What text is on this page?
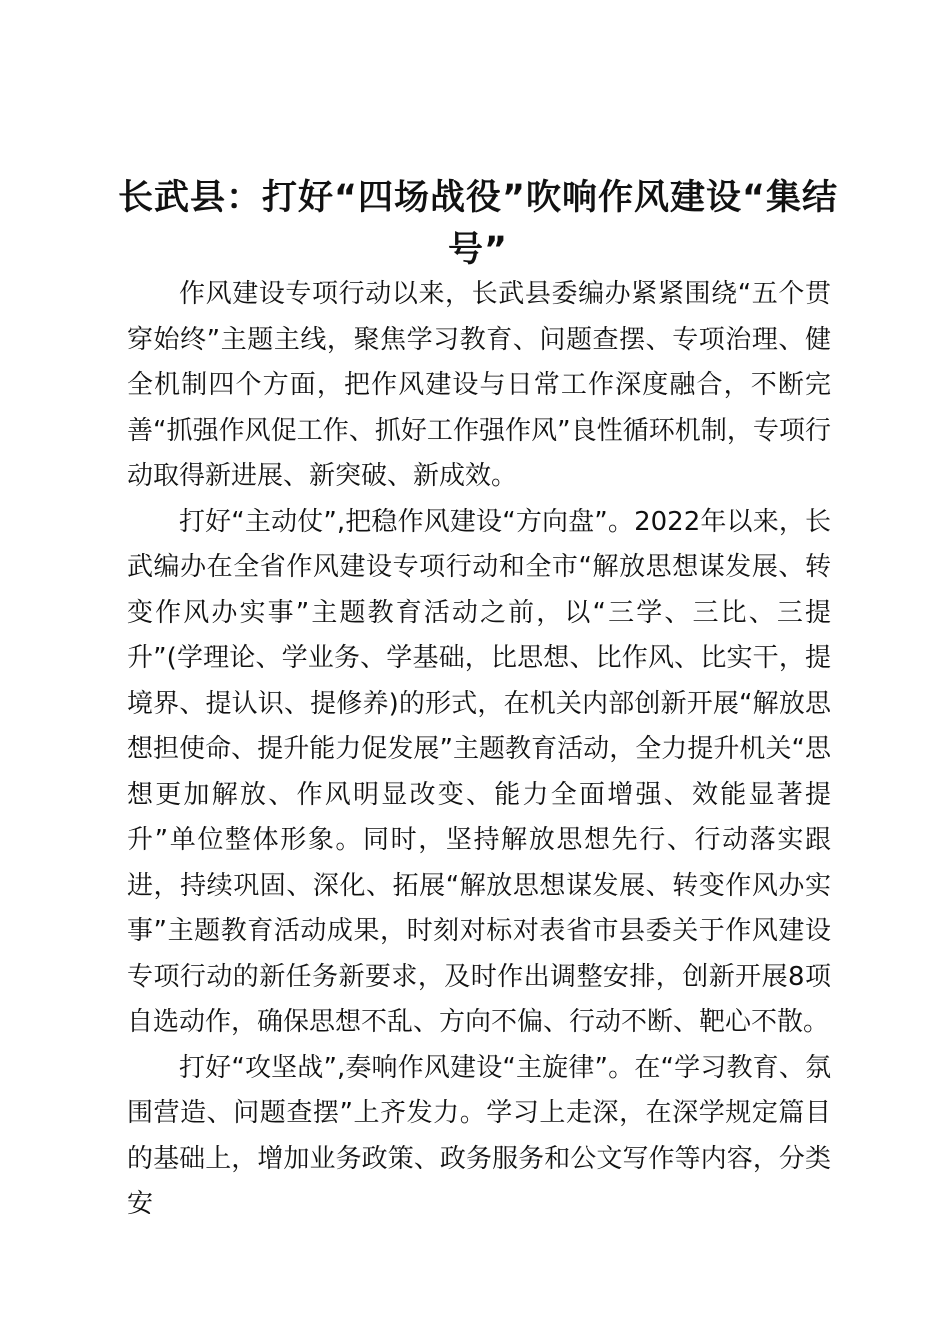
长武县：打好“四场战役”吹响作风建设“集结号”

作风建设专项行动以来，长武县委编办紧紧围绕“五个贯穿始终”主题主线，聚焦学习教育、问题查摆、专项治理、健全机制四个方面，把作风建设与日常工作深度融合，不断完善“抓强作风促工作、抓好工作强作风”良性循环机制，专项行动取得新进展、新突破、新成效。

打好“主动仗”,把稳作风建设“方向盘”。2022年以来，长武编办在全省作风建设专项行动和全市“解放思想谋发展、转变作风办实事”主题教育活动之前，以“三学、三比、三提升”(学理论、学业务、学基础，比思想、比作风、比实干，提境界、提认识、提修养)的形式，在机关内部创新开展“解放思想担使命、提升能力促发展”主题教育活动，全力提升机关“思想更加解放、作风明显改变、能力全面增强、效能显著提升”单位整体形象。同时，坚持解放思想先行、行动落实跟进，持续巩固、深化、拓展“解放思想谋发展、转变作风办实事”主题教育活动成果，时刻对标对表省市县委关于作风建设专项行动的新任务新要求，及时作出调整安排，创新开展8项自选动作，确保思想不乱、方向不偏、行动不断、靶心不散。

打好“攻坚战”,奏响作风建设“主旋律”。在“学习教育、氛围营造、问题查摆”上齐发力。学习上走深，在深学规定篇目的基础上，增加业务政策、政务服务和公文写作等内容，分类安
